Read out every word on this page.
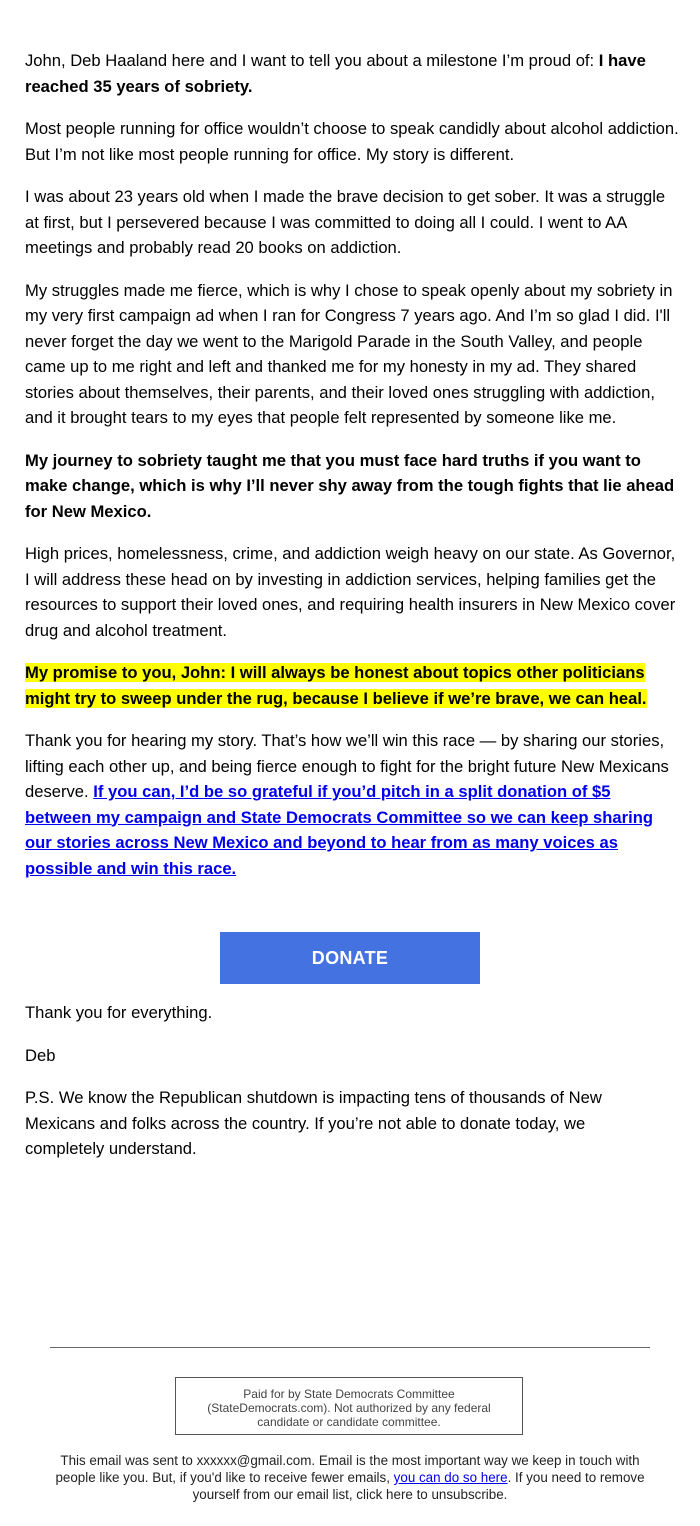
John, Deb Haaland here and I want to tell you about a milestone I’m proud of: I have reached 35 years of sobriety.

Most people running for office wouldn’t choose to speak candidly about alcohol addiction. But I’m not like most people running for office. My story is different.

I was about 23 years old when I made the brave decision to get sober. It was a struggle at first, but I persevered because I was committed to doing all I could. I went to AA meetings and probably read 20 books on addiction.

My struggles made me fierce, which is why I chose to speak openly about my sobriety in my very first campaign ad when I ran for Congress 7 years ago. And I’m so glad I did. I'll never forget the day we went to the Marigold Parade in the South Valley, and people came up to me right and left and thanked me for my honesty in my ad. They shared stories about themselves, their parents, and their loved ones struggling with addiction, and it brought tears to my eyes that people felt represented by someone like me.

My journey to sobriety taught me that you must face hard truths if you want to make change, which is why I’ll never shy away from the tough fights that lie ahead for New Mexico.

High prices, homelessness, crime, and addiction weigh heavy on our state. As Governor, I will address these head on by investing in addiction services, helping families get the resources to support their loved ones, and requiring health insurers in New Mexico cover drug and alcohol treatment.

My promise to you, John: I will always be honest about topics other politicians might try to sweep under the rug, because I believe if we’re brave, we can heal.

Thank you for hearing my story. That’s how we’ll win this race — by sharing our stories, lifting each other up, and being fierce enough to fight for the bright future New Mexicans deserve. If you can, I’d be so grateful if you’d pitch in a split donation of $5 between my campaign and State Democrats Committee so we can keep sharing our stories across New Mexico and beyond to hear from as many voices as possible and win this race.

DONATE

Thank you for everything.

Deb

P.S. We know the Republican shutdown is impacting tens of thousands of New Mexicans and folks across the country. If you’re not able to donate today, we completely understand.

Paid for by State Democrats Committee (StateDemocrats.com). Not authorized by any federal candidate or candidate committee.
This email was sent to xxxxxx@gmail.com. Email is the most important way we keep in touch with people like you. But, if you'd like to receive fewer emails, you can do so here. If you need to remove yourself from our email list, click here to unsubscribe.
